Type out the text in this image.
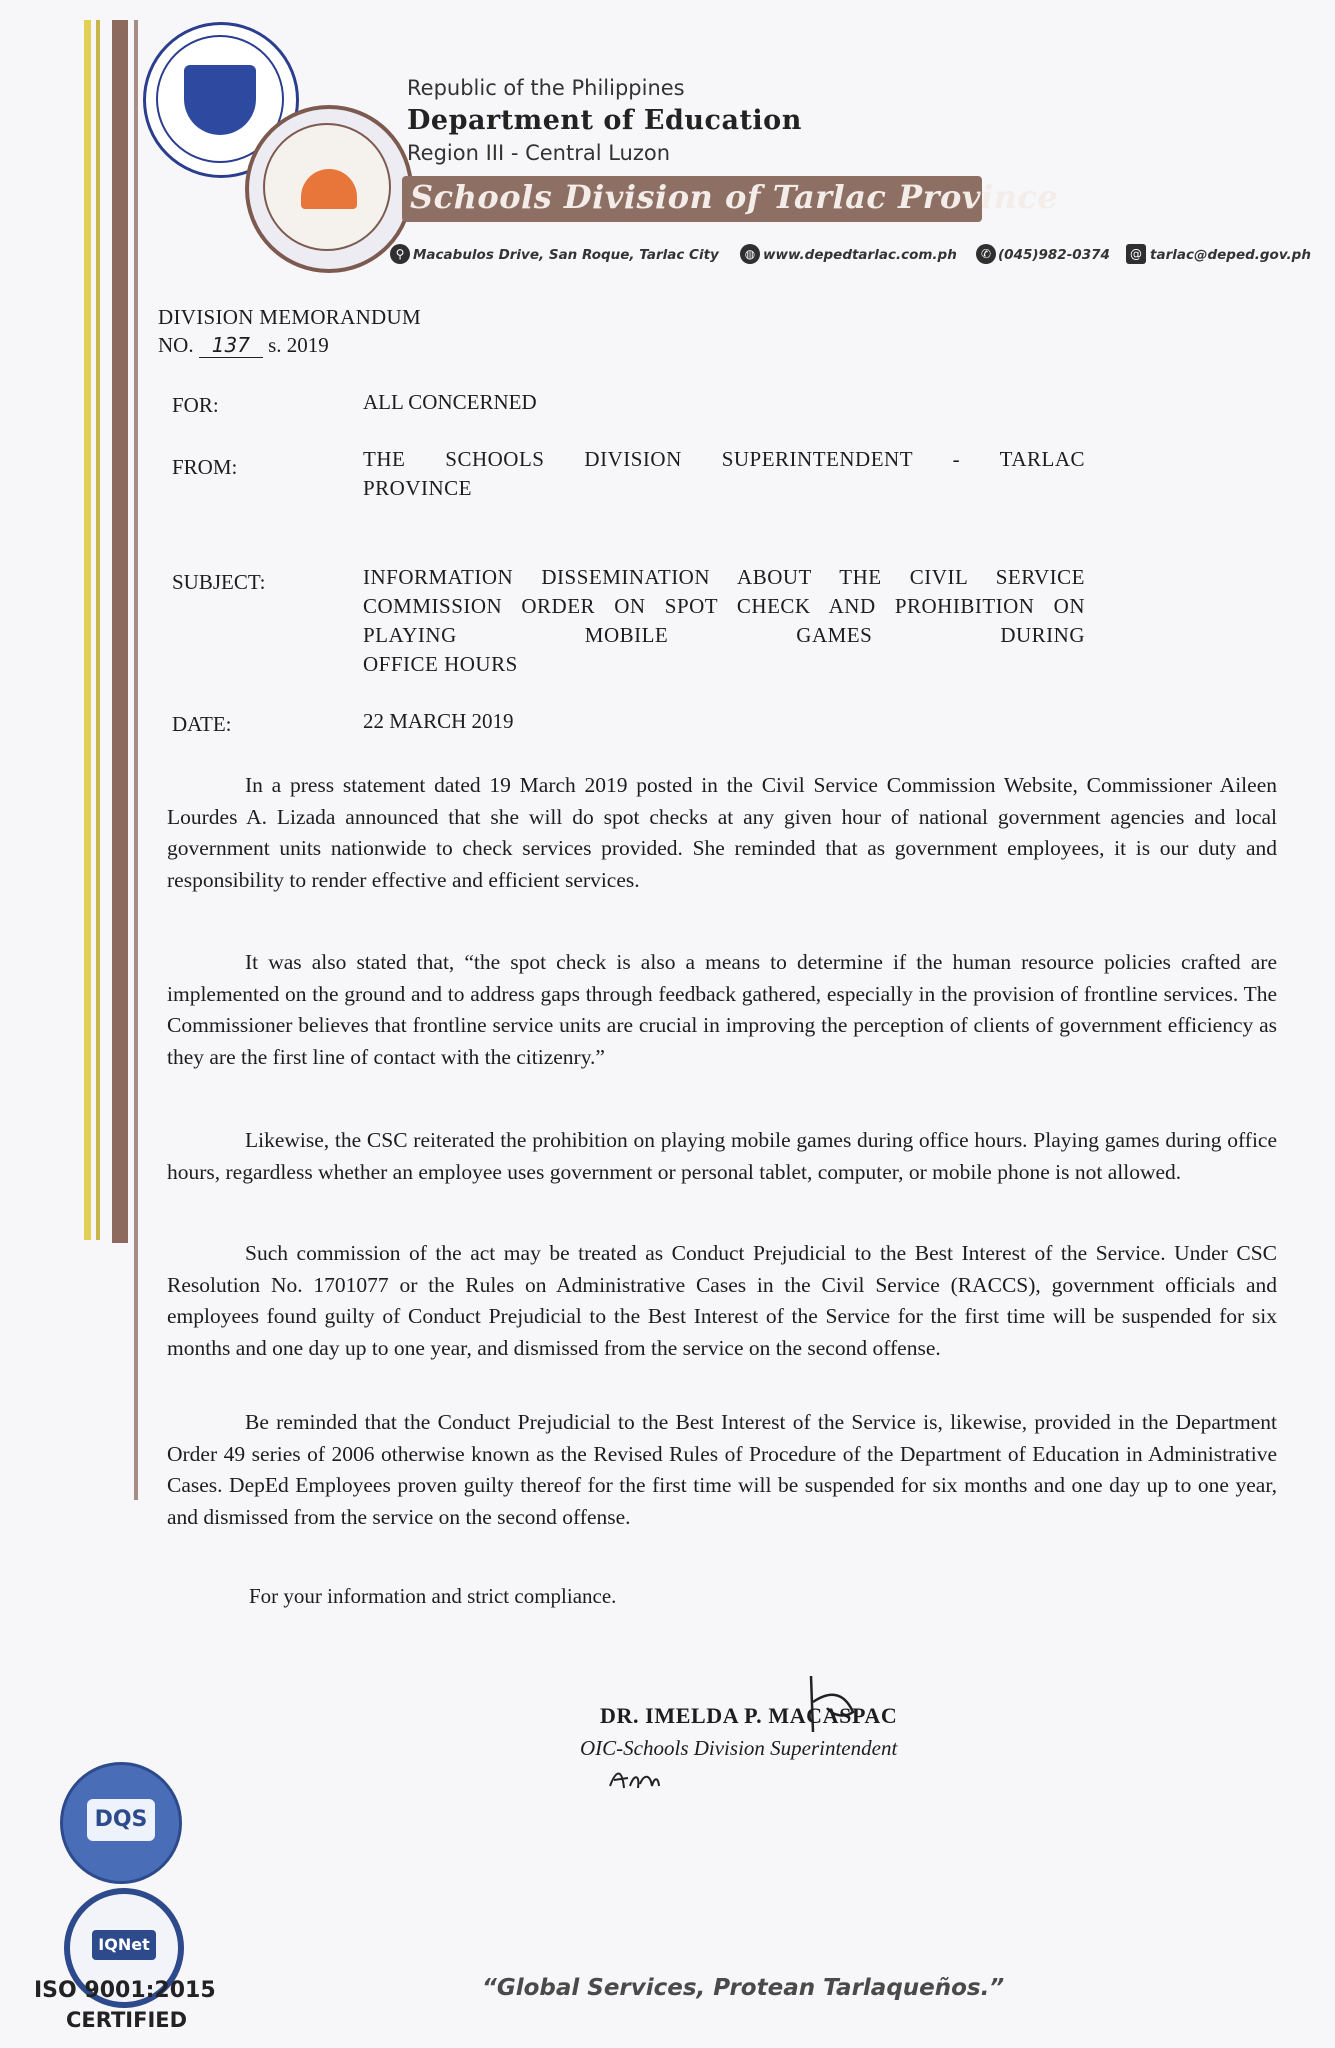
Republic of the Philippines
Department of Education
Region III - Central Luzon
Schools Division of Tarlac Province
⚲ Macabulos Drive, San Roque, Tarlac City	◍ www.depedtarlac.com.ph	✆ (045)982-0374	@ tarlac@deped.gov.ph
DIVISION MEMORANDUM
NO. 137 s. 2019
FOR:	ALL CONCERNED
FROM:	THE SCHOOLS DIVISION SUPERINTENDENT - TARLAC
PROVINCE
SUBJECT:	INFORMATION DISSEMINATION ABOUT THE CIVIL SERVICE COMMISSION ORDER ON SPOT CHECK AND PROHIBITION ON PLAYING MOBILE GAMES DURING
OFFICE HOURS
DATE:	22 MARCH 2019
In a press statement dated 19 March 2019 posted in the Civil Service Commission Website, Commissioner Aileen Lourdes A. Lizada announced that she will do spot checks at any given hour of national government agencies and local government units nationwide to check services provided. She reminded that as government employees, it is our duty and responsibility to render effective and efficient services.
It was also stated that, “the spot check is also a means to determine if the human resource policies crafted are implemented on the ground and to address gaps through feedback gathered, especially in the provision of frontline services. The Commissioner believes that frontline service units are crucial in improving the perception of clients of government efficiency as they are the first line of contact with the citizenry.”
Likewise, the CSC reiterated the prohibition on playing mobile games during office hours. Playing games during office hours, regardless whether an employee uses government or personal tablet, computer, or mobile phone is not allowed.
Such commission of the act may be treated as Conduct Prejudicial to the Best Interest of the Service. Under CSC Resolution No. 1701077 or the Rules on Administrative Cases in the Civil Service (RACCS), government officials and employees found guilty of Conduct Prejudicial to the Best Interest of the Service for the first time will be suspended for six months and one day up to one year, and dismissed from the service on the second offense.
Be reminded that the Conduct Prejudicial to the Best Interest of the Service is, likewise, provided in the Department Order 49 series of 2006 otherwise known as the Revised Rules of Procedure of the Department of Education in Administrative Cases. DepEd Employees proven guilty thereof for the first time will be suspended for six months and one day up to one year, and dismissed from the service on the second offense.
For your information and strict compliance.
DR. IMELDA P. MACASPAC
OIC-Schools Division Superintendent
DQS
IQNet
ISO 9001:2015
CERTIFIED
“Global Services, Protean Tarlaqueños.”
